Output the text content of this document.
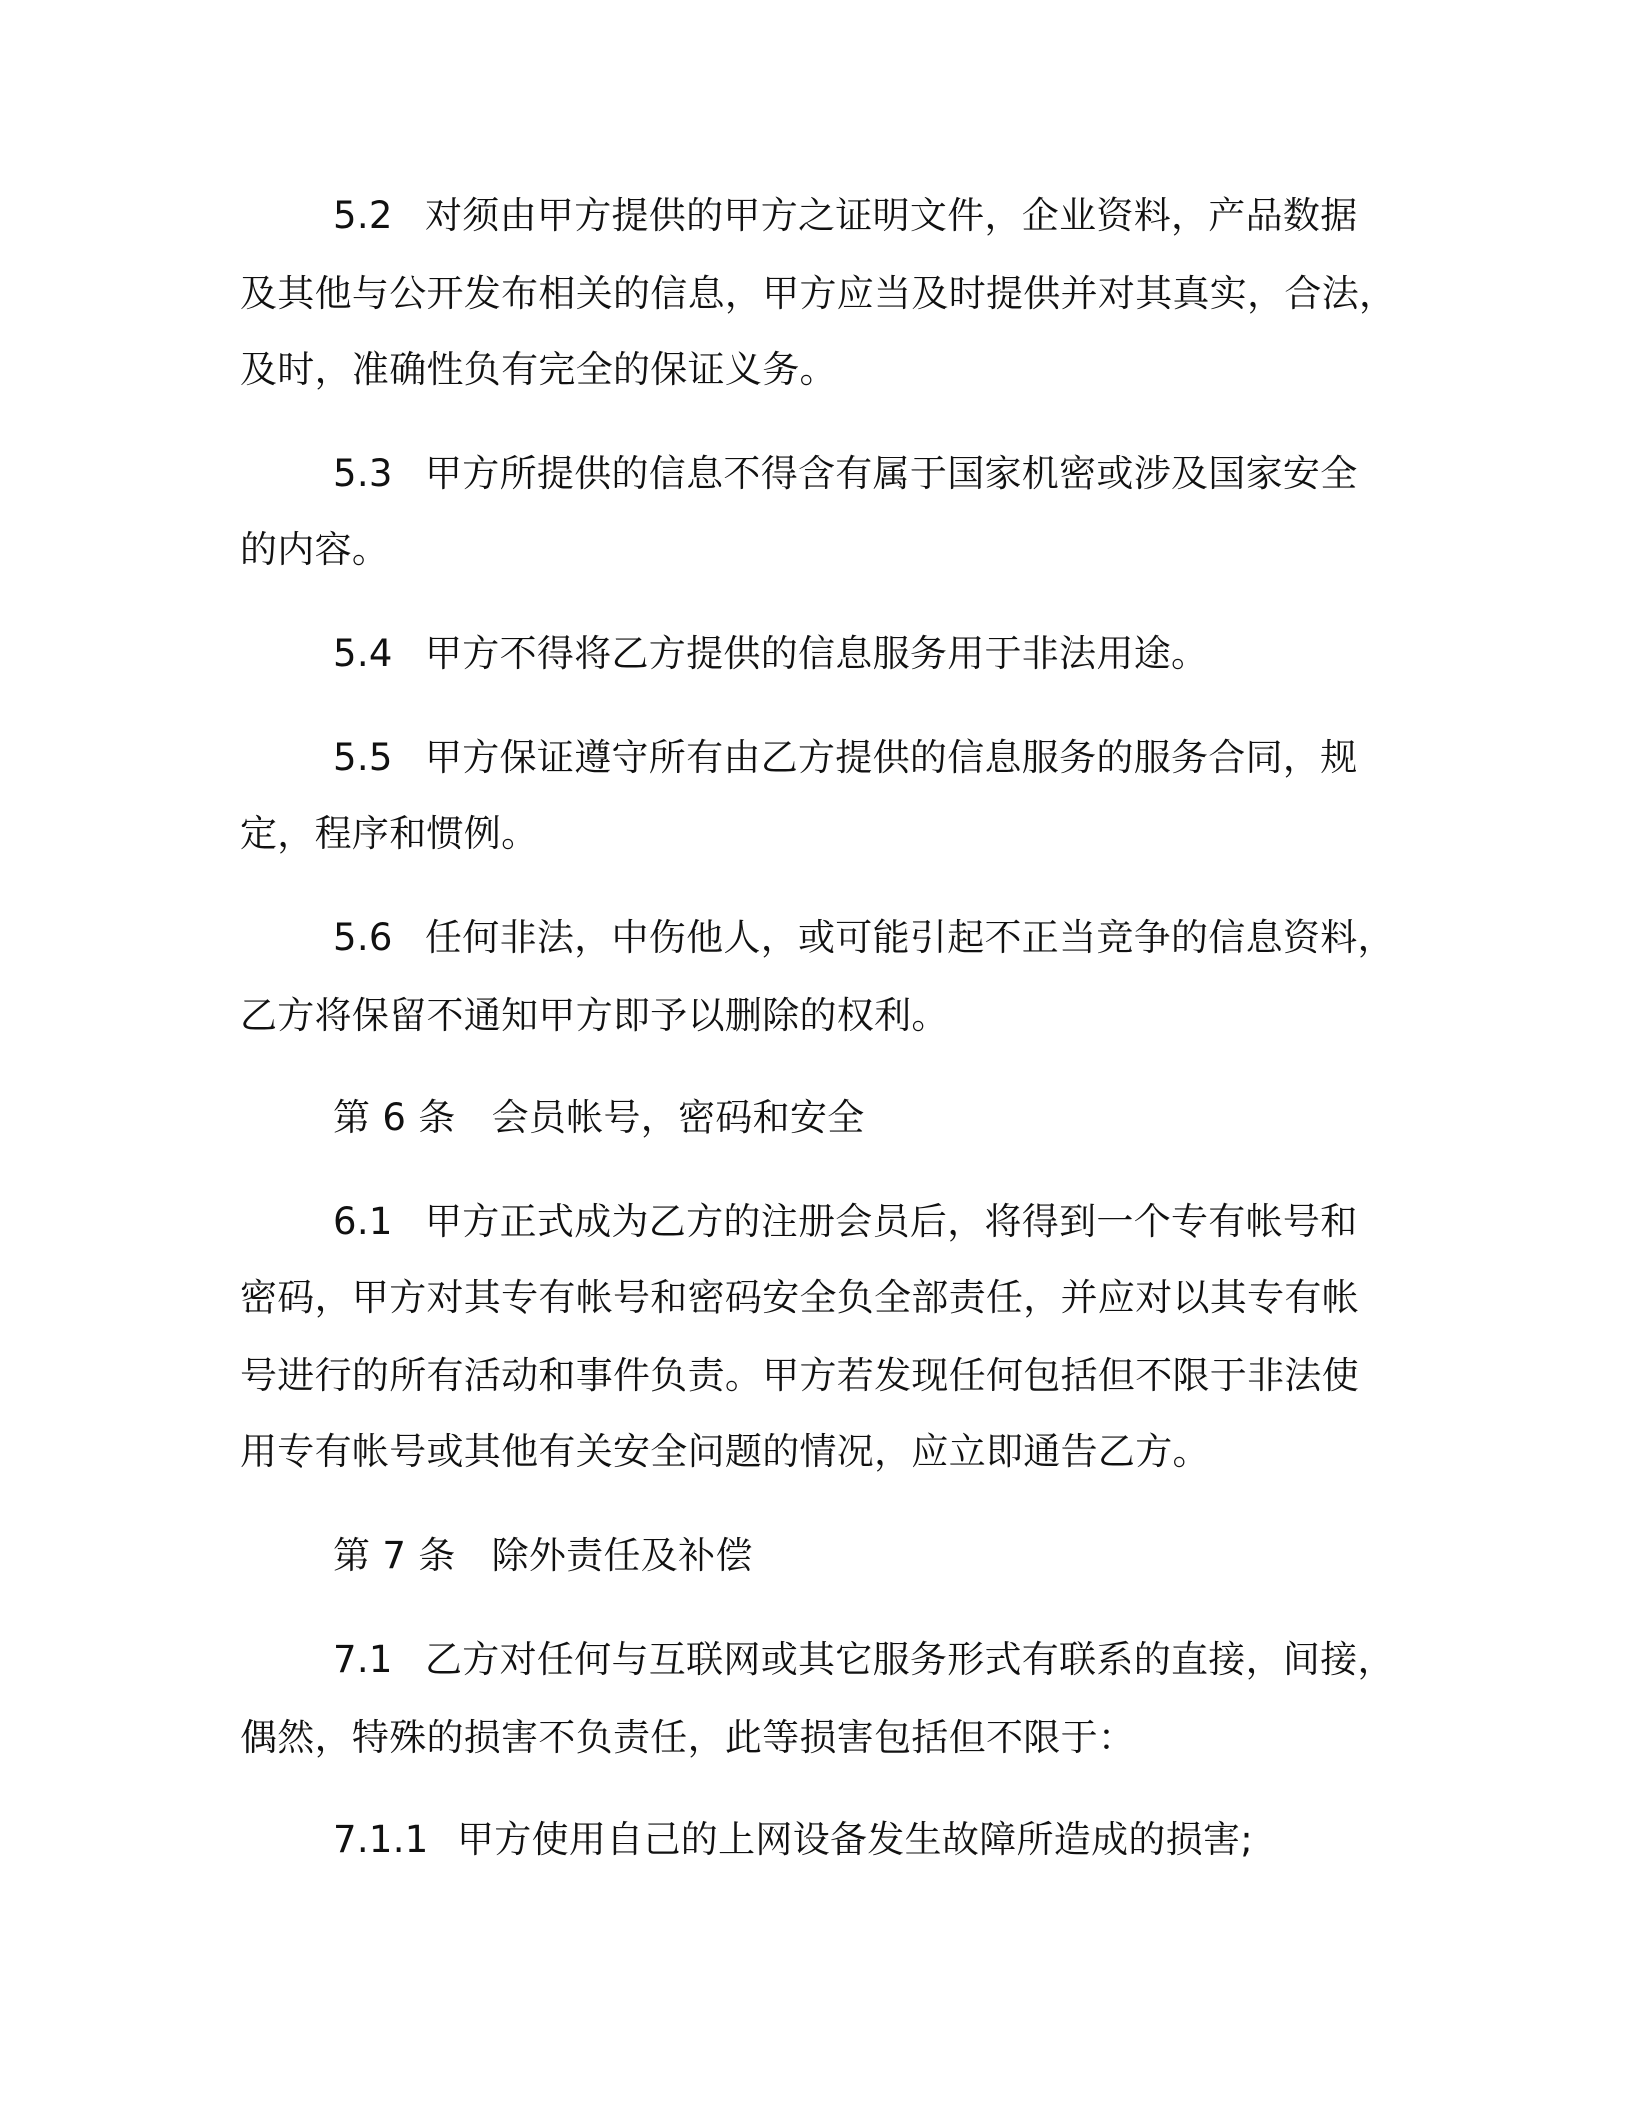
5.2 对须由甲方提供的甲方之证明文件，企业资料，产品数据
及其他与公开发布相关的信息，甲方应当及时提供并对其真实，合法，
及时，准确性负有完全的保证义务。
5.3 甲方所提供的信息不得含有属于国家机密或涉及国家安全
的内容。
5.4 甲方不得将乙方提供的信息服务用于非法用途。
5.5 甲方保证遵守所有由乙方提供的信息服务的服务合同，规
定，程序和惯例。
5.6 任何非法，中伤他人，或可能引起不正当竞争的信息资料，
乙方将保留不通知甲方即予以删除的权利。
第 6 条 会员帐号，密码和安全
6.1 甲方正式成为乙方的注册会员后，将得到一个专有帐号和
密码，甲方对其专有帐号和密码安全负全部责任，并应对以其专有帐
号进行的所有活动和事件负责。甲方若发现任何包括但不限于非法使
用专有帐号或其他有关安全问题的情况，应立即通告乙方。
第 7 条 除外责任及补偿
7.1 乙方对任何与互联网或其它服务形式有联系的直接，间接，
偶然，特殊的损害不负责任，此等损害包括但不限于：
7.1.1 甲方使用自己的上网设备发生故障所造成的损害;
